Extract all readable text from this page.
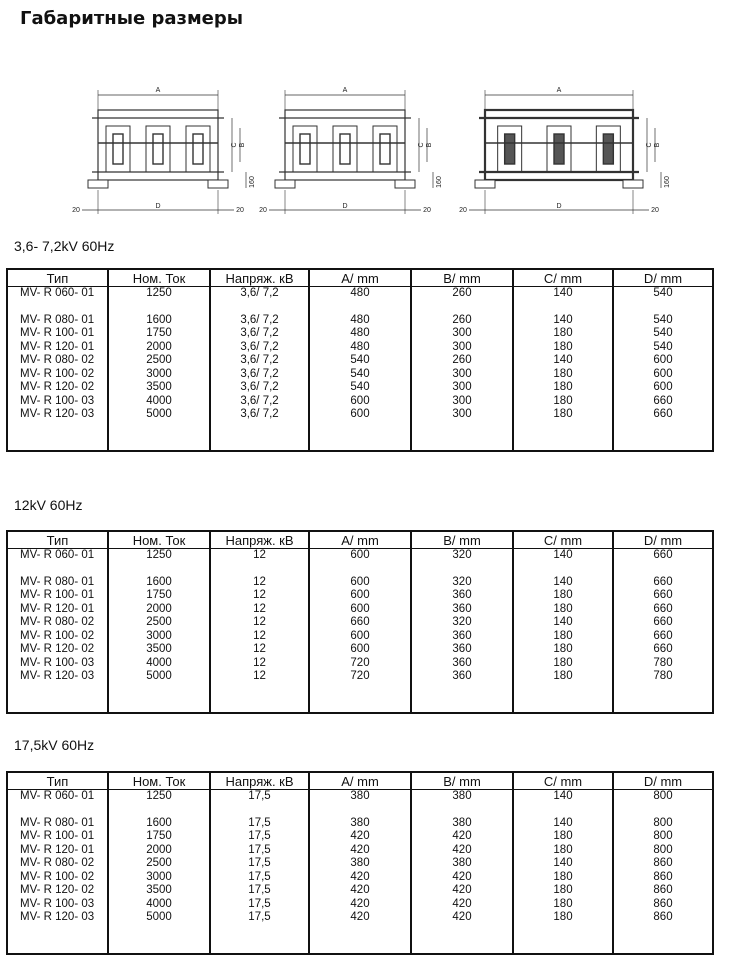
Габаритные размеры
A
C B
160
D
20	20
A
C B
160
D
20	20
A
C B
160
D
20	20
3,6- 7,2kV 60Hz
Тип	Ном. Ток	Напряж. кВ	A/ mm	B/ mm	C/ mm	D/ mm
MV- R 060- 01	1250	3,6/ 7,2	480	260	140	540

MV- R 080- 01	1600	3,6/ 7,2	480	260	140	540
MV- R 100- 01	1750	3,6/ 7,2	480	300	180	540
MV- R 120- 01	2000	3,6/ 7,2	480	300	180	540
MV- R 080- 02	2500	3,6/ 7,2	540	260	140	600
MV- R 100- 02	3000	3,6/ 7,2	540	300	180	600
MV- R 120- 02	3500	3,6/ 7,2	540	300	180	600
MV- R 100- 03	4000	3,6/ 7,2	600	300	180	660
MV- R 120- 03	5000	3,6/ 7,2	600	300	180	660

12kV 60Hz
Тип	Ном. Ток	Напряж. кВ	A/ mm	B/ mm	C/ mm	D/ mm
MV- R 060- 01	1250	12	600	320	140	660

MV- R 080- 01	1600	12	600	320	140	660
MV- R 100- 01	1750	12	600	360	180	660
MV- R 120- 01	2000	12	600	360	180	660
MV- R 080- 02	2500	12	660	320	140	660
MV- R 100- 02	3000	12	600	360	180	660
MV- R 120- 02	3500	12	600	360	180	660
MV- R 100- 03	4000	12	720	360	180	780
MV- R 120- 03	5000	12	720	360	180	780

17,5kV 60Hz
Тип	Ном. Ток	Напряж. кВ	A/ mm	B/ mm	C/ mm	D/ mm
MV- R 060- 01	1250	17,5	380	380	140	800

MV- R 080- 01	1600	17,5	380	380	140	800
MV- R 100- 01	1750	17,5	420	420	180	800
MV- R 120- 01	2000	17,5	420	420	180	800
MV- R 080- 02	2500	17,5	380	380	140	860
MV- R 100- 02	3000	17,5	420	420	180	860
MV- R 120- 02	3500	17,5	420	420	180	860
MV- R 100- 03	4000	17,5	420	420	180	860
MV- R 120- 03	5000	17,5	420	420	180	860
